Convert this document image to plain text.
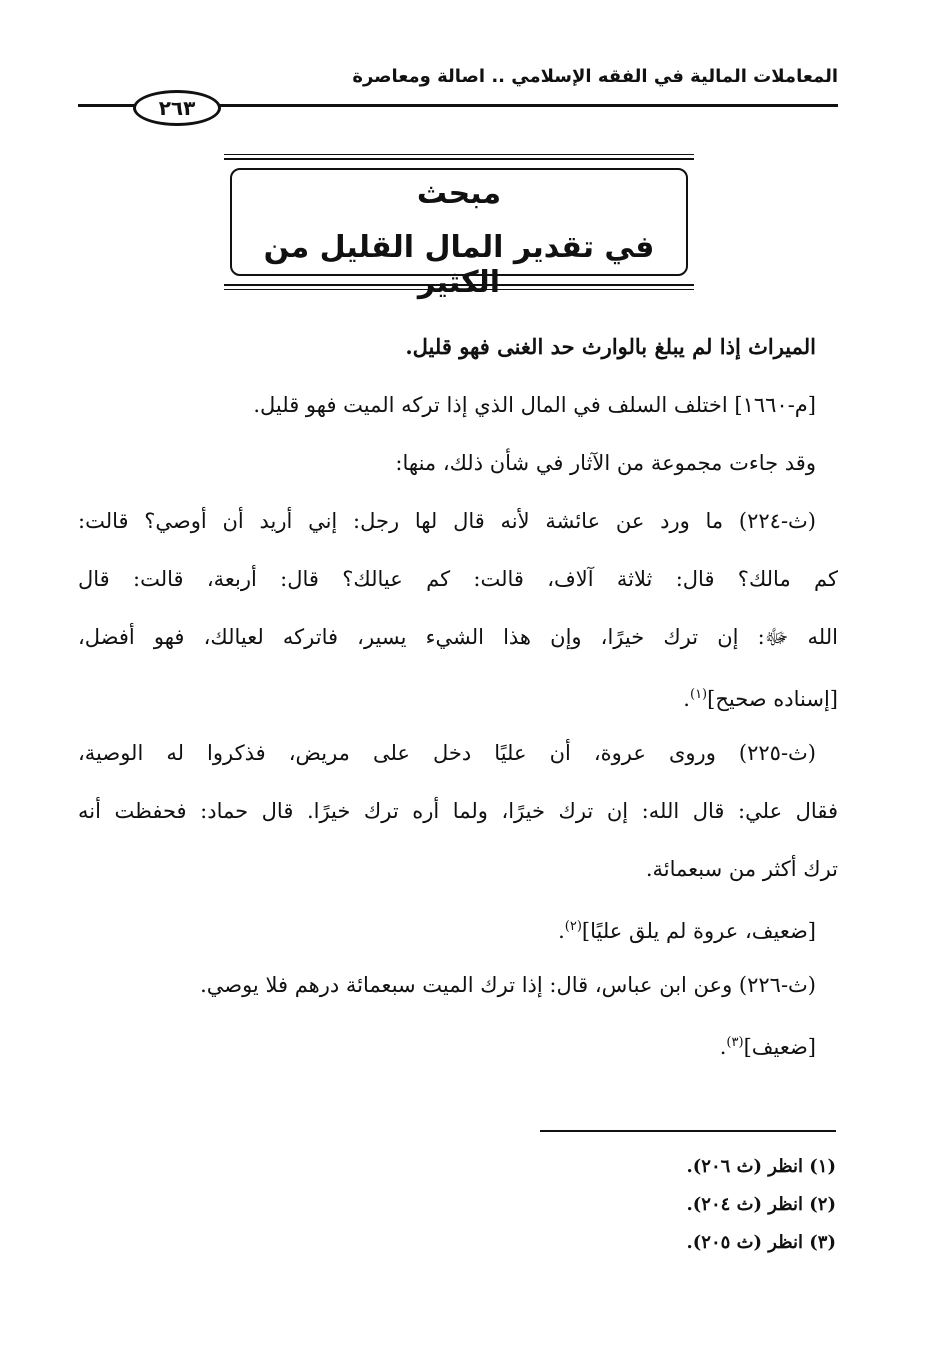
المعاملات المالية في الفقه الإسلامي .. اصالة ومعاصرة
٢٦٣
مبحث
في تقدير المال القليل من الكثير
الميراث إذا لم يبلغ بالوارث حد الغنى فهو قليل.
[م-١٦٦٠] اختلف السلف في المال الذي إذا تركه الميت فهو قليل.
وقد جاءت مجموعة من الآثار في شأن ذلك، منها:
(ث-٢٢٤) ما ورد عن عائشة لأنه قال لها رجل: إني أريد أن أوصي؟ قالت:
كم مالك؟ قال: ثلاثة آلاف، قالت: كم عيالك؟ قال: أربعة، قالت: قال
الله ﷻ: إن ترك خيرًا، وإن هذا الشيء يسير، فاتركه لعيالك، فهو أفضل،
[إسناده صحيح]$^{(١)}$.
(ث-٢٢٥) وروى عروة، أن عليًا دخل على مريض، فذكروا له الوصية،
فقال علي: قال الله: إن ترك خيرًا، ولما أره ترك خيرًا. قال حماد: فحفظت أنه
ترك أكثر من سبعمائة.
[ضعيف، عروة لم يلق عليًا]$^{(٢)}$.
(ث-٢٢٦) وعن ابن عباس، قال: إذا ترك الميت سبعمائة درهم فلا يوصي.
[ضعيف]$^{(٣)}$.
(١) انظر (ث ٢٠٦).
(٢) انظر (ث ٢٠٤).
(٣) انظر (ث ٢٠٥).
